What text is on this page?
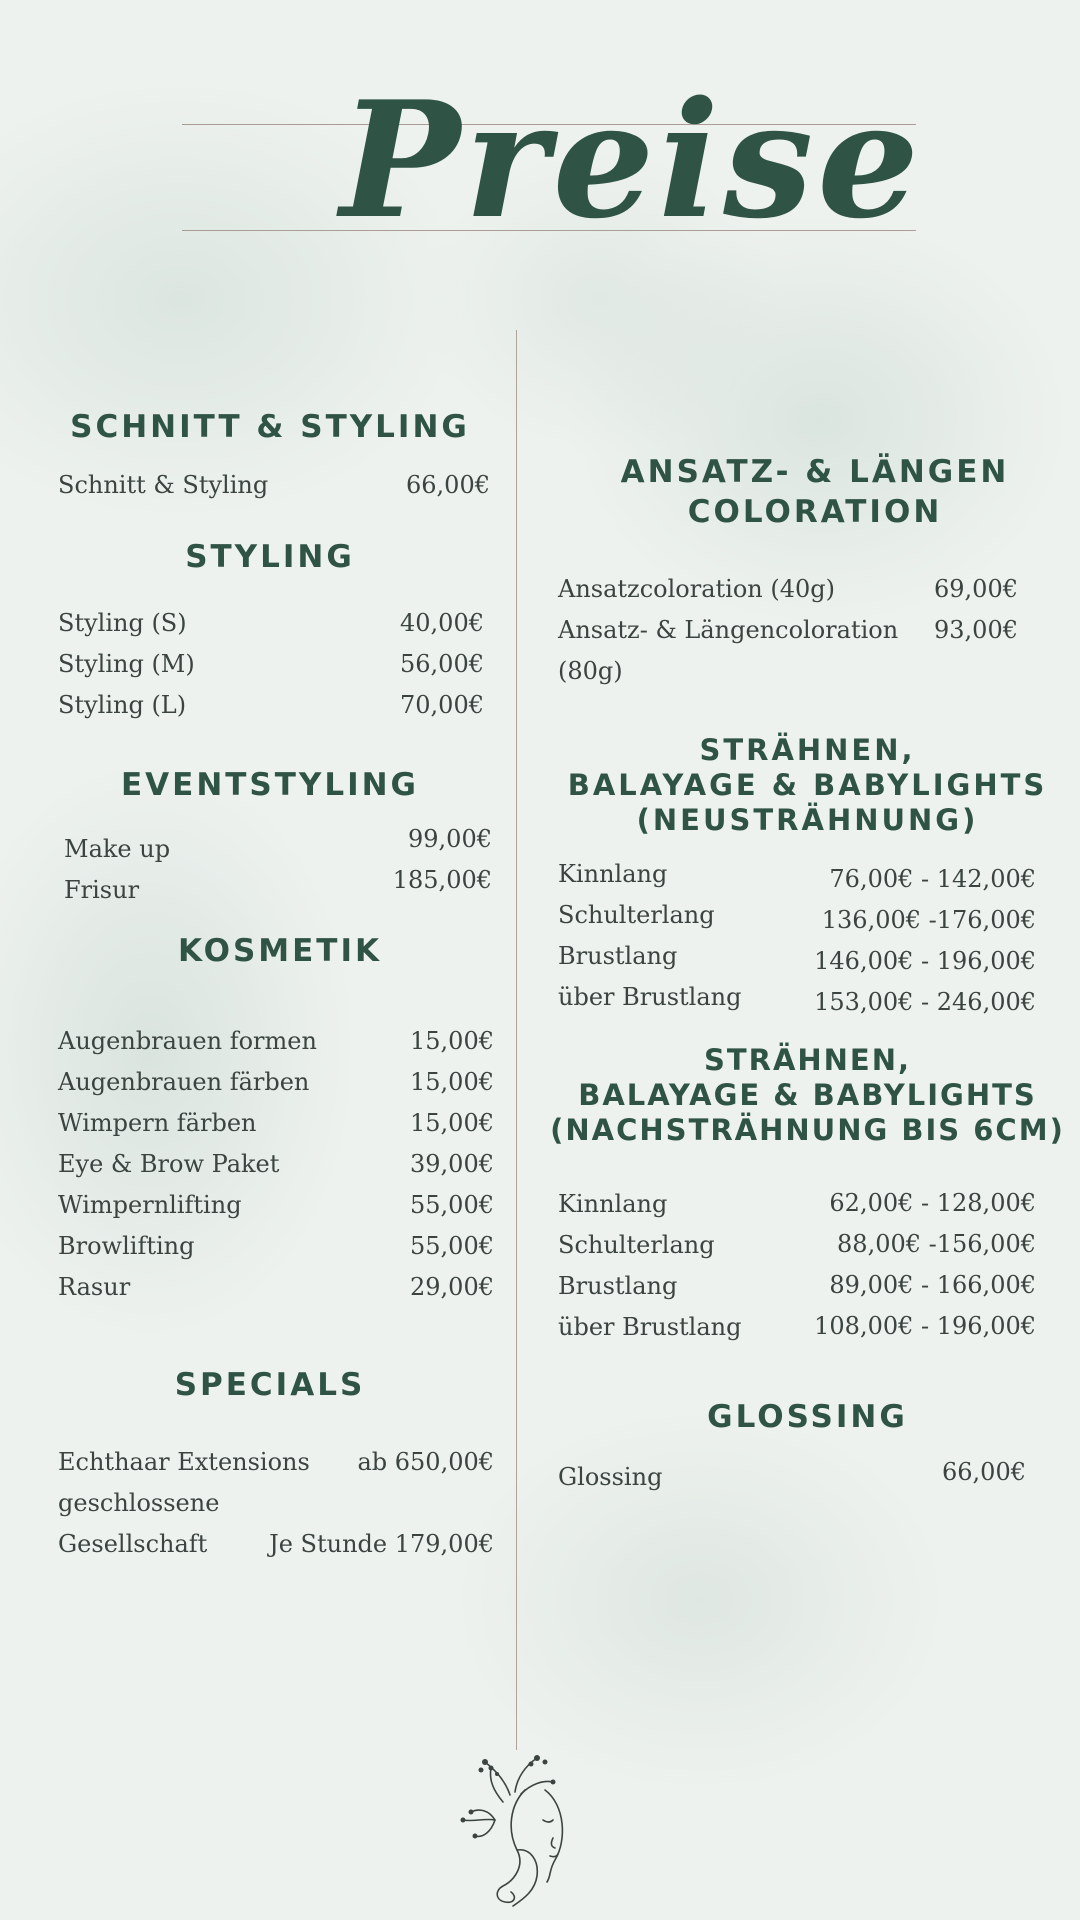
Preise
SCHNITT & STYLING
Schnitt & Styling	66,00€
STYLING
Styling (S)	40,00€
Styling (M)	56,00€
Styling (L)	70,00€
EVENTSTYLING
Make up	99,00€
Frisur	185,00€
KOSMETIK
Augenbrauen formen	15,00€
Augenbrauen färben	15,00€
Wimpern färben	15,00€
Eye & Brow Paket	39,00€
Wimpernlifting	55,00€
Browlifting	55,00€
Rasur	29,00€
SPECIALS
Echthaar Extensions ab 650,00€
geschlossene
Gesellschaft	Je Stunde 179,00€
ANSATZ- & LÄNGEN
COLORATION
Ansatzcoloration (40g)	69,00€
Ansatz- & Längencoloration 93,00€
(80g)
STRÄHNEN,
BALAYAGE & BABYLIGHTS
(NEUSTRÄHNUNG)
Kinnlang	76,00€ - 142,00€
Schulterlang	136,00€ -176,00€
Brustlang	146,00€ - 196,00€
über Brustlang	153,00€ - 246,00€
STRÄHNEN,
BALAYAGE & BABYLIGHTS
(NACHSTRÄHNUNG BIS 6CM)
Kinnlang	62,00€ - 128,00€
Schulterlang	88,00€ -156,00€
Brustlang	89,00€ - 166,00€
über Brustlang	108,00€ - 196,00€
GLOSSING
Glossing	66,00€
